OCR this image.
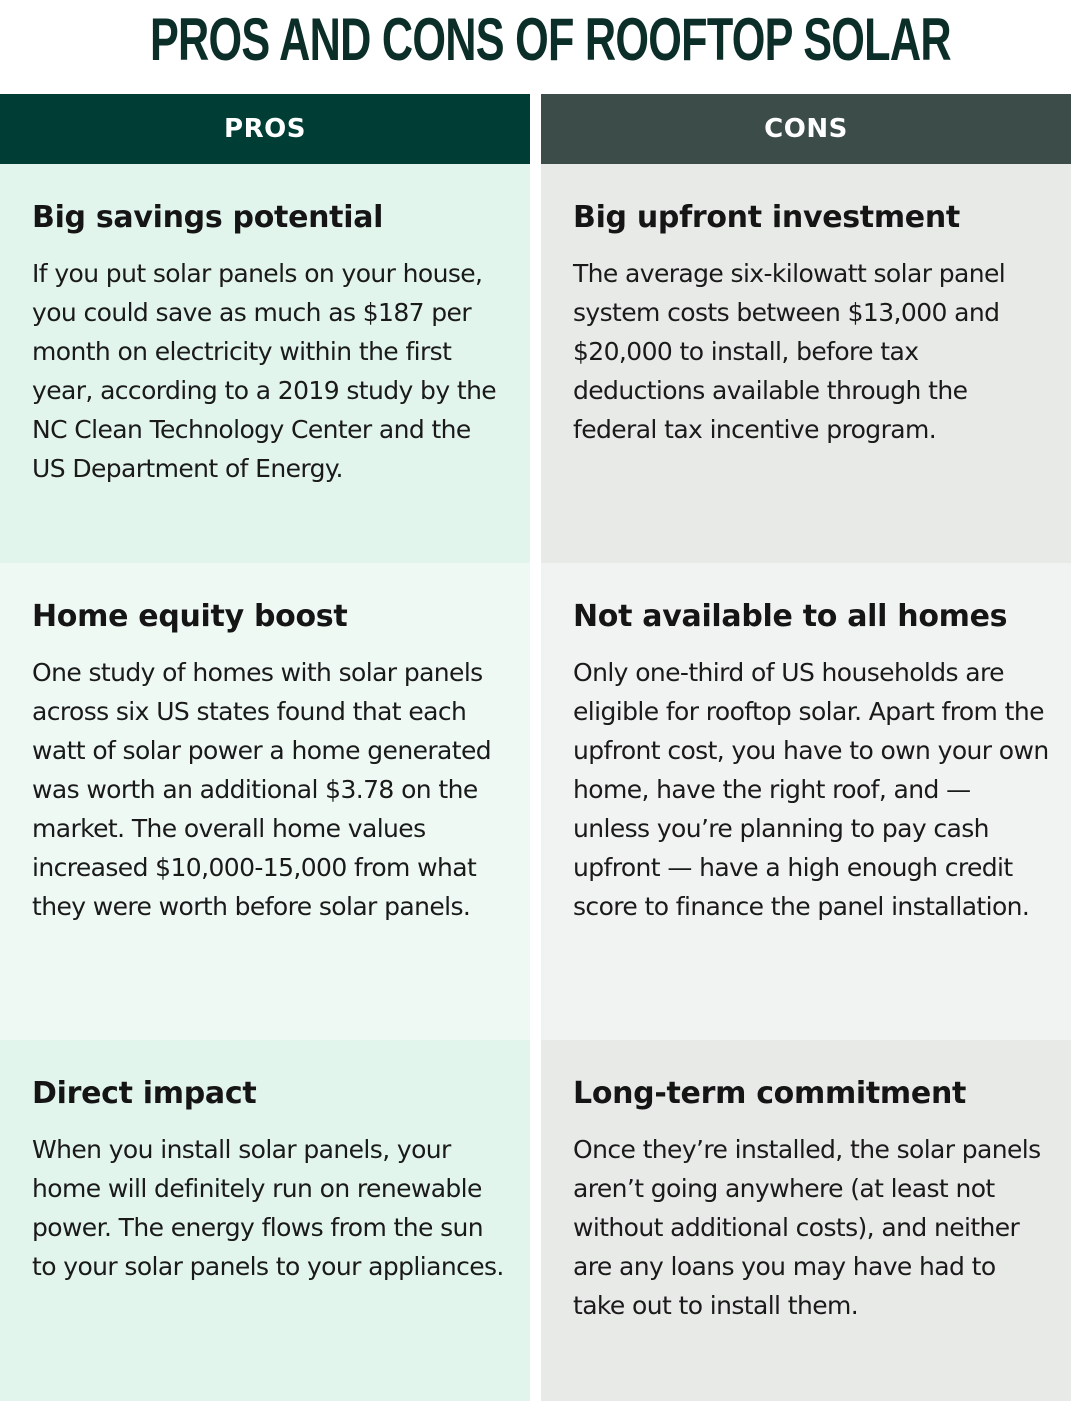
PROS AND CONS OF ROOFTOP SOLAR
PROS
Big savings potential

If you put solar panels on your house, you could save as much as $187 per month on electricity within the first year, according to a 2019 study by the NC Clean Technology Center and the US Department of Energy.

Home equity boost

One study of homes with solar panels across six US states found that each watt of solar power a home generated was worth an additional $3.78 on the market. The overall home values increased $10,000-15,000 from what they were worth before solar panels.

Direct impact

When you install solar panels, your home will definitely run on renewable power. The energy flows from the sun to your solar panels to your appliances.

CONS
Big upfront investment

The average six-kilowatt solar panel system costs between $13,000 and $20,000 to install, before tax deductions available through the federal tax incentive program.

Not available to all homes

Only one-third of US households are eligible for rooftop solar. Apart from the upfront cost, you have to own your own home, have the right roof, and — unless you’re planning to pay cash upfront — have a high enough credit score to finance the panel installation.

Long-term commitment

Once they’re installed, the solar panels aren’t going anywhere (at least not without additional costs), and neither are any loans you may have had to take out to install them.
